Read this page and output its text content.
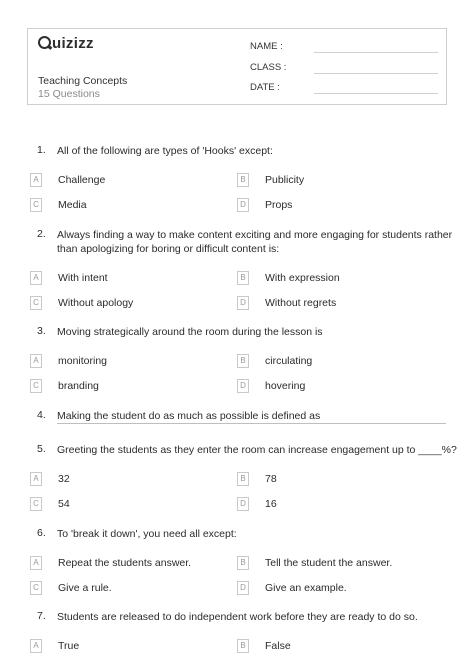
uizizz
Teaching Concepts
15 Questions
NAME :
CLASS :
DATE :
1.	All of the following are types of 'Hooks' except:
A	Challenge	B	Publicity
C Media	D Props
2.	Always finding a way to make content exciting and more engaging for students rather
than apologizing for boring or difficult content is:
A	With intent	B	With expression
C Without apology	D Without regrets
3.	Moving strategically around the room during the lesson is
A	monitoring	B	circulating
C branding	D hovering
4.	Making the student do as much as possible is defined as
5.	Greeting the students as they enter the room can increase engagement up to ____%?
A	32	B	78
C 54	D 16
6.	To 'break it down', you need all except:
A	Repeat the students answer.	B	Tell the student the answer.
C Give a rule.	D Give an example.
7.	Students are released to do independent work before they are ready to do so.
A	True	B	False
